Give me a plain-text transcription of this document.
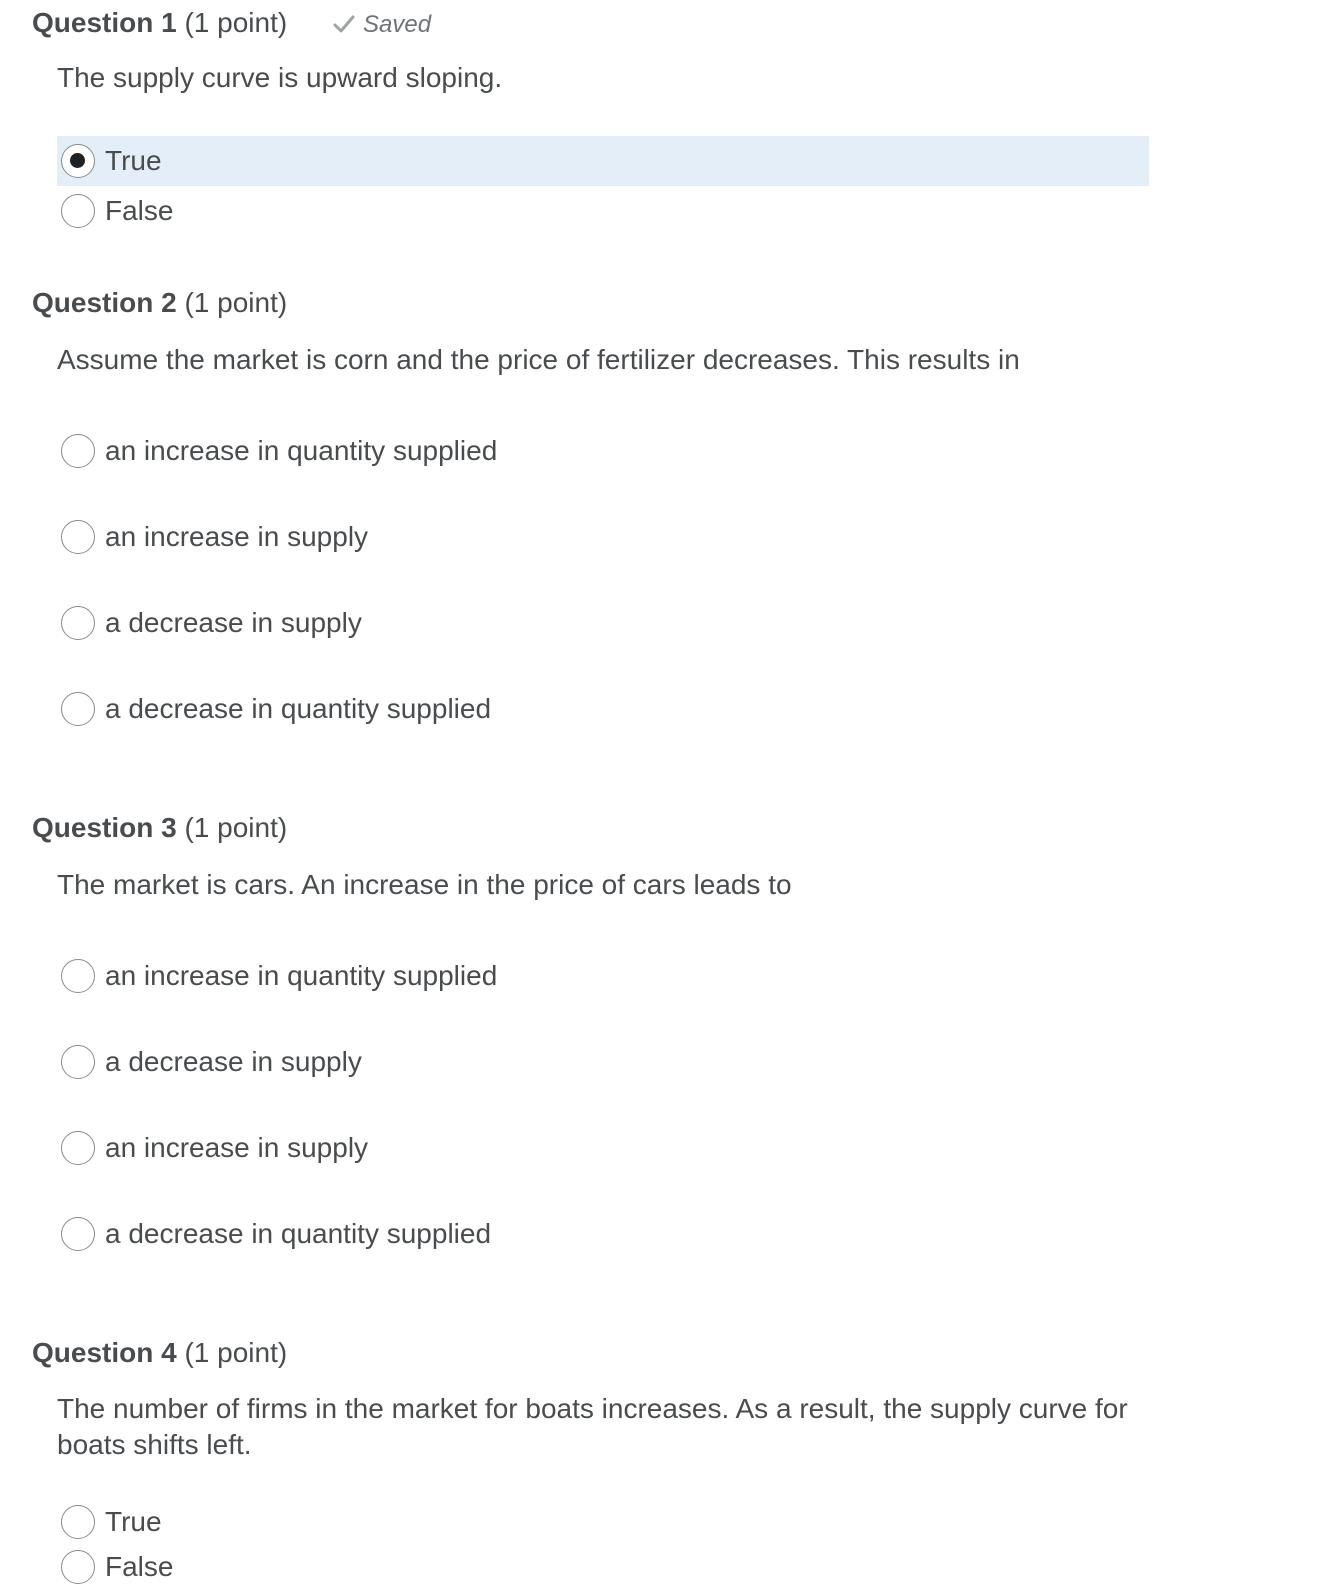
Question 1 (1 point)	Saved
The supply curve is upward sloping.
True
False
Question 2 (1 point)
Assume the market is corn and the price of fertilizer decreases. This results in
an increase in quantity supplied
an increase in supply
a decrease in supply
a decrease in quantity supplied
Question 3 (1 point)
The market is cars. An increase in the price of cars leads to
an increase in quantity supplied
a decrease in supply
an increase in supply
a decrease in quantity supplied
Question 4 (1 point)
The number of firms in the market for boats increases. As a result, the supply curve for boats shifts left.
True
False
